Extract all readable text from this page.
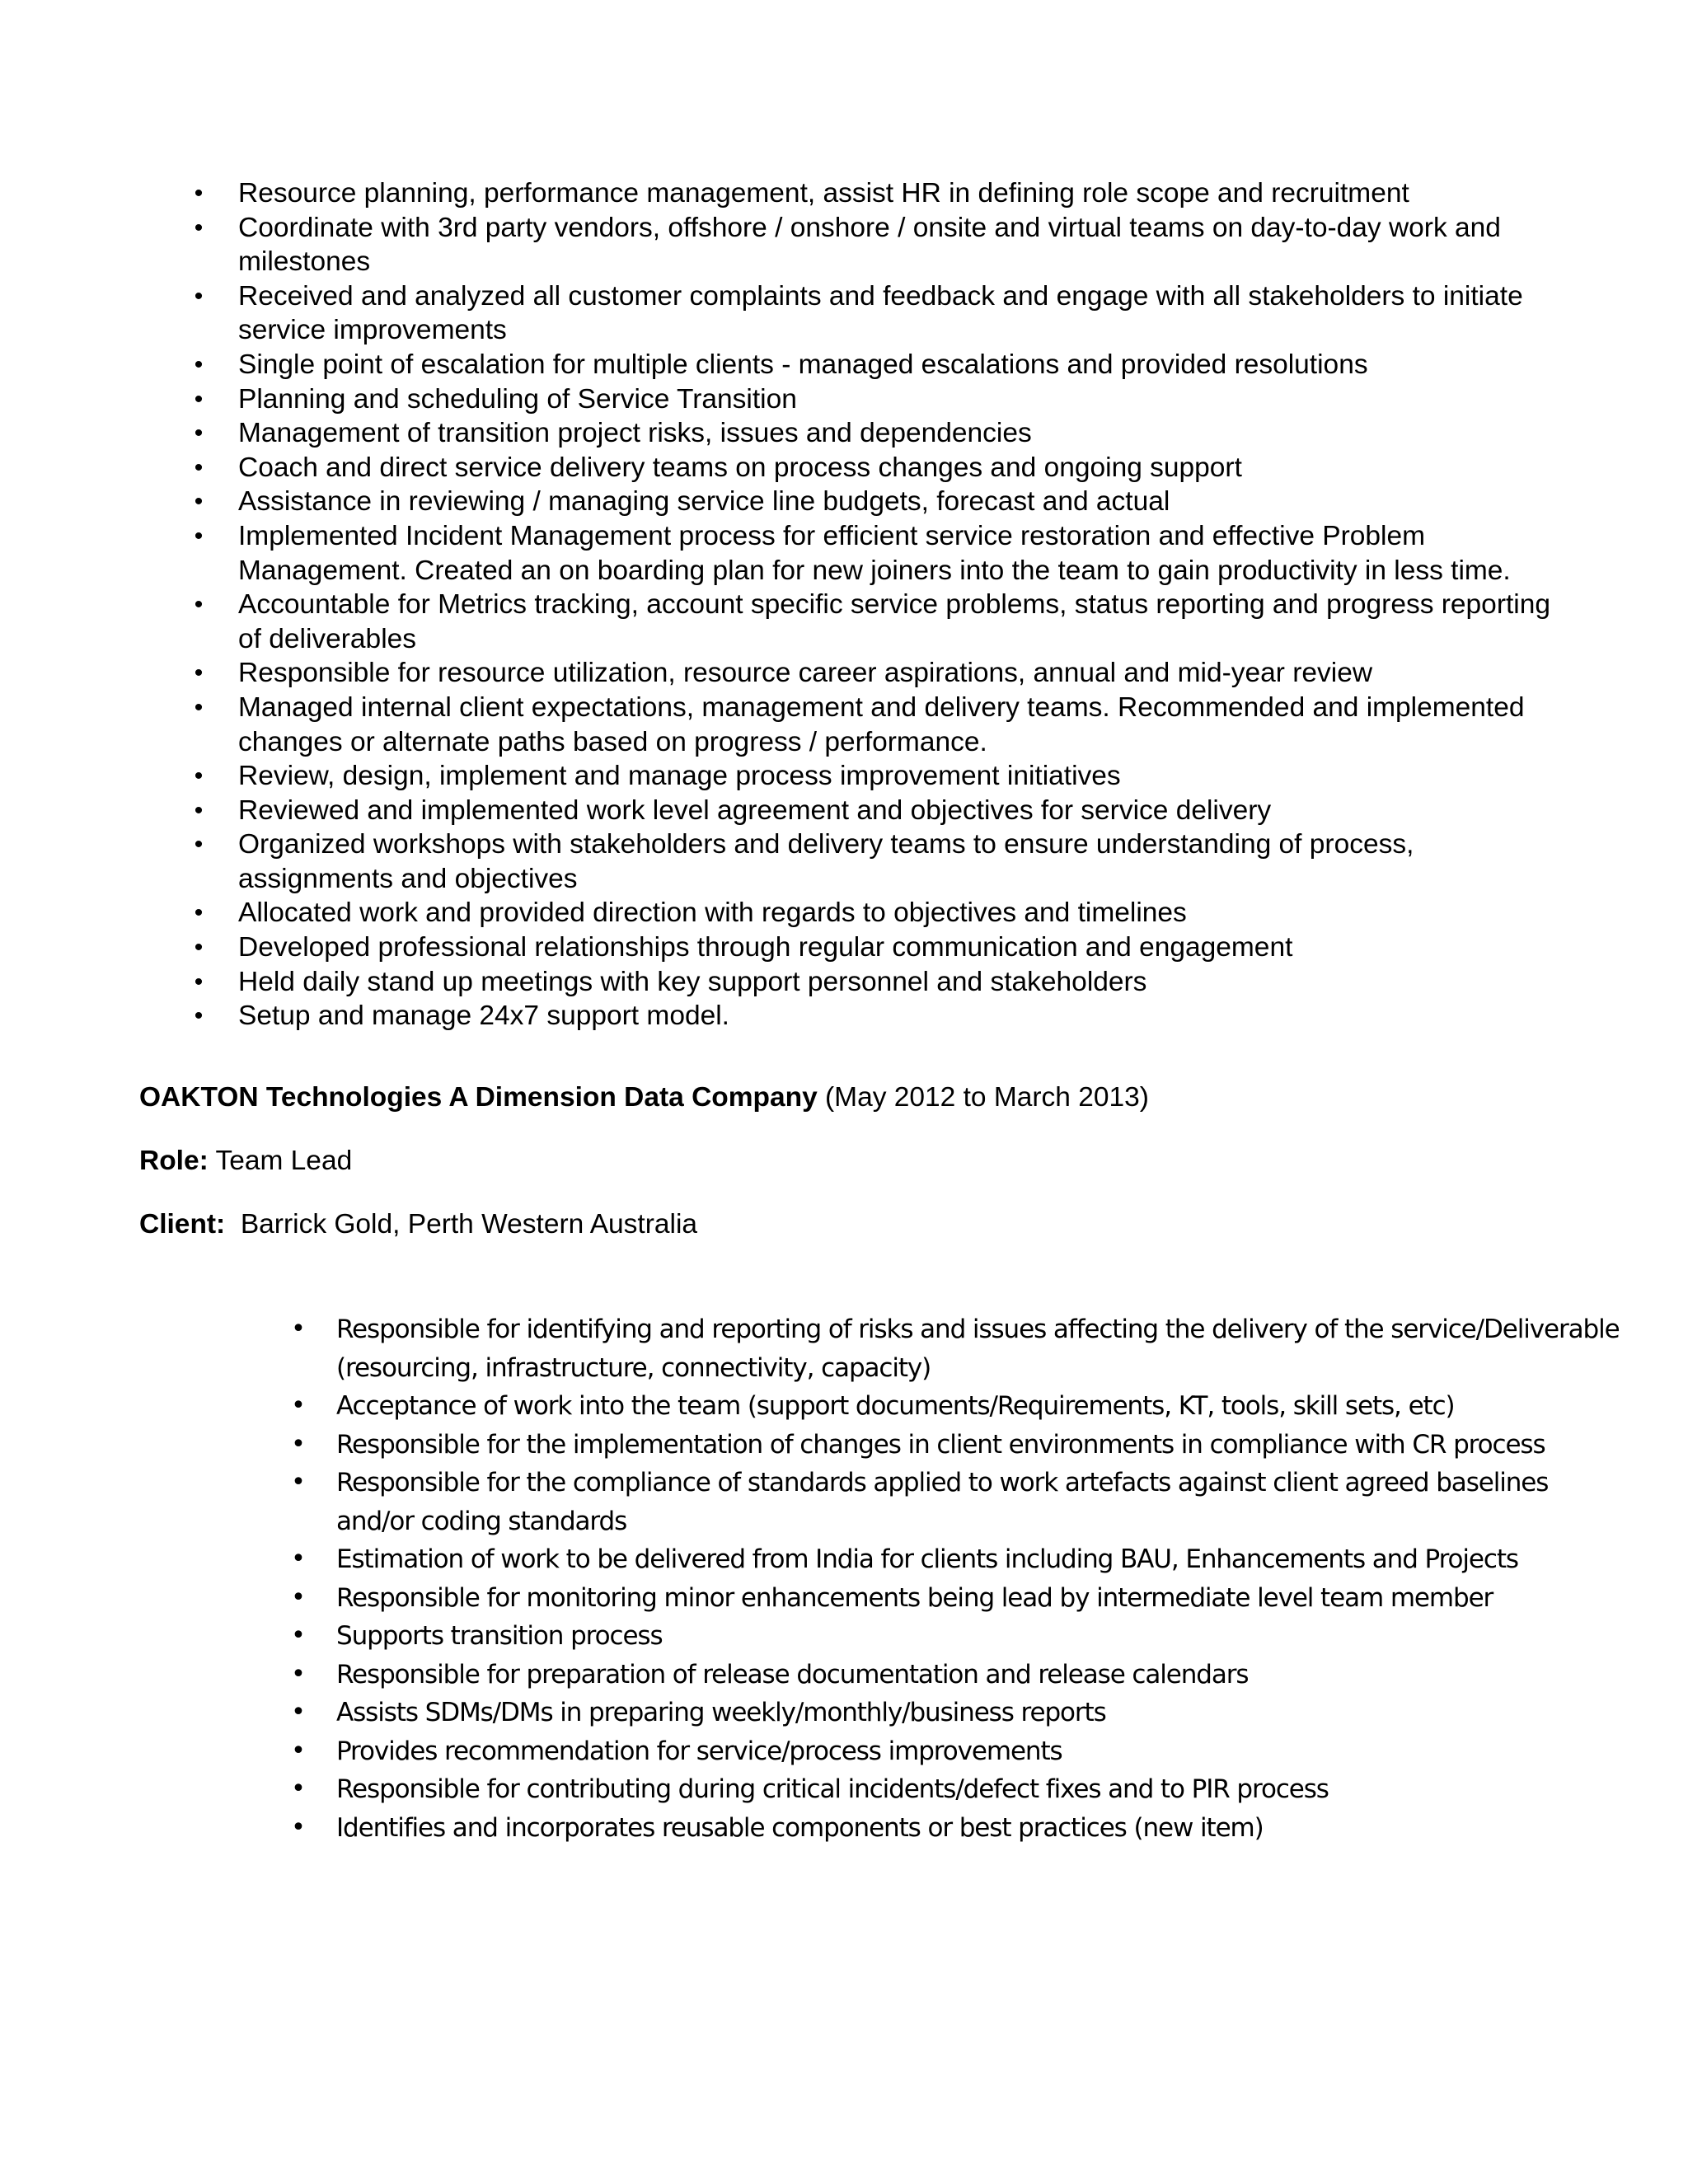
• Resource planning, performance management, assist HR in defining role scope and recruitment
• Coordinate with 3rd party vendors, offshore / onshore / onsite and virtual teams on day-to-day work and milestones
• Received and analyzed all customer complaints and feedback and engage with all stakeholders to initiate service improvements
• Single point of escalation for multiple clients - managed escalations and provided resolutions
• Planning and scheduling of Service Transition
• Management of transition project risks, issues and dependencies
• Coach and direct service delivery teams on process changes and ongoing support
• Assistance in reviewing / managing service line budgets, forecast and actual
• Implemented Incident Management process for efficient service restoration and effective Problem Management. Created an on boarding plan for new joiners into the team to gain productivity in less time.
• Accountable for Metrics tracking, account specific service problems, status reporting and progress reporting of deliverables
• Responsible for resource utilization, resource career aspirations, annual and mid-year review
• Managed internal client expectations, management and delivery teams. Recommended and implemented changes or alternate paths based on progress / performance.
• Review, design, implement and manage process improvement initiatives
• Reviewed and implemented work level agreement and objectives for service delivery
• Organized workshops with stakeholders and delivery teams to ensure understanding of process, assignments and objectives
• Allocated work and provided direction with regards to objectives and timelines
• Developed professional relationships through regular communication and engagement
• Held daily stand up meetings with key support personnel and stakeholders
• Setup and manage 24x7 support model.
OAKTON Technologies A Dimension Data Company (May 2012 to March 2013)
Role: Team Lead
Client:  Barrick Gold, Perth Western Australia
• Responsible for identifying and reporting of risks and issues affecting the delivery of the service/Deliverable (resourcing, infrastructure, connectivity, capacity)
• Acceptance of work into the team (support documents/Requirements, KT, tools, skill sets, etc)
• Responsible for the implementation of changes in client environments in compliance with CR process
• Responsible for the compliance of standards applied to work artefacts against client agreed baselines and/or coding standards
• Estimation of work to be delivered from India for clients including BAU, Enhancements and Projects
• Responsible for monitoring minor enhancements being lead by intermediate level team member
• Supports transition process
• Responsible for preparation of release documentation and release calendars
• Assists SDMs/DMs in preparing weekly/monthly/business reports
• Provides recommendation for service/process improvements
• Responsible for contributing during critical incidents/defect fixes and to PIR process
• Identifies and incorporates reusable components or best practices (new item)
